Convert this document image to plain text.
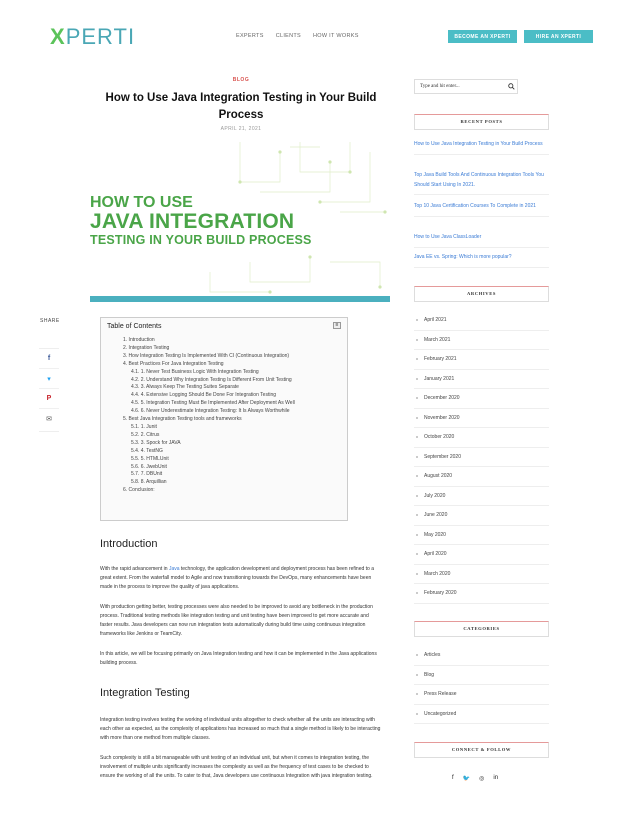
XPERTI	EXPERTS CLIENTS HOW IT WORKS	BECOME AN XPERTI	HIRE AN XPERTI
BLOG
How to Use Java Integration Testing in Your Build Process
APRIL 21, 2021
HOW TO USE
JAVA INTEGRATION
TESTING IN YOUR BUILD PROCESS
SHARE
f
▾
P
✉
Table of Contents	≡
1. Introduction
2. Integration Testing
3. How Integration Testing Is Implemented With CI (Continuous Integration)
4. Best Practices For Java Integration Testing
4.1. 1. Never Test Business Logic With Integration Testing
4.2. 2. Understand Why Integration Testing Is Different From Unit Testing
4.3. 3. Always Keep The Testing Suites Separate
4.4. 4. Extensive Logging Should Be Done For Integration Testing
4.5. 5. Integration Testing Must Be Implemented After Deployment As Well
4.6. 6. Never Underestimate Integration Testing: It Is Always Worthwhile
5. Best Java Integration Testing tools and frameworks
5.1. 1. Junit
5.2. 2. Citrus
5.3. 3. Spock for JAVA
5.4. 4. TestNG
5.5. 5. HTMLUnit
5.6. 6. JwebUnit
5.7. 7. DBUnit
5.8. 8. Arquillian
6. Conclusion:
Introduction
With the rapid advancement in Java technology, the application development and deployment process has been refined to a great extent. From the waterfall model to Agile and now transitioning towards the DevOps, many enhancements have been made in the process to improve the quality of java applications.
With production getting better, testing processes were also needed to be improved to avoid any bottleneck in the production process. Traditional testing methods like integration testing and unit testing have been improved to get more accurate and faster results. Java developers can now run integration tests automatically during build time using continuous integration frameworks like Jenkins or TeamCity.
In this article, we will be focusing primarily on Java Integration testing and how it can be implemented in the Java applications building process.
Integration Testing
Integration testing involves testing the working of individual units altogether to check whether all the units are interacting with each other as expected, as the complexity of applications has increased so much that a single method is likely to be interacting with more than one method from multiple classes.
Such complexity is still a bit manageable with unit testing of an individual unit, but when it comes to integration testing, the involvement of multiple units significantly increases the complexity as well as the frequency of test cases to be checked to ensure the working of all the units. To cater to that, Java developers use continuous Integration with java integration testing.
Type and hit enter...
RECENT POSTS
How to Use Java Integration Testing in Your Build Process
Top Java Build Tools And Continuous Integration Tools You Should Start Using In 2021.
Top 10 Java Certification Courses To Complete in 2021
How to Use Java ClassLoader
Java EE vs. Spring: Which is more popular?
ARCHIVES
April 2021
March 2021
February 2021
January 2021
December 2020
November 2020
October 2020
September 2020
August 2020
July 2020
June 2020
May 2020
April 2020
March 2020
February 2020
CATEGORIES
Articles
Blog
Press Release
Uncategorized
CONNECT & FOLLOW
f 🐦 ◎ in
